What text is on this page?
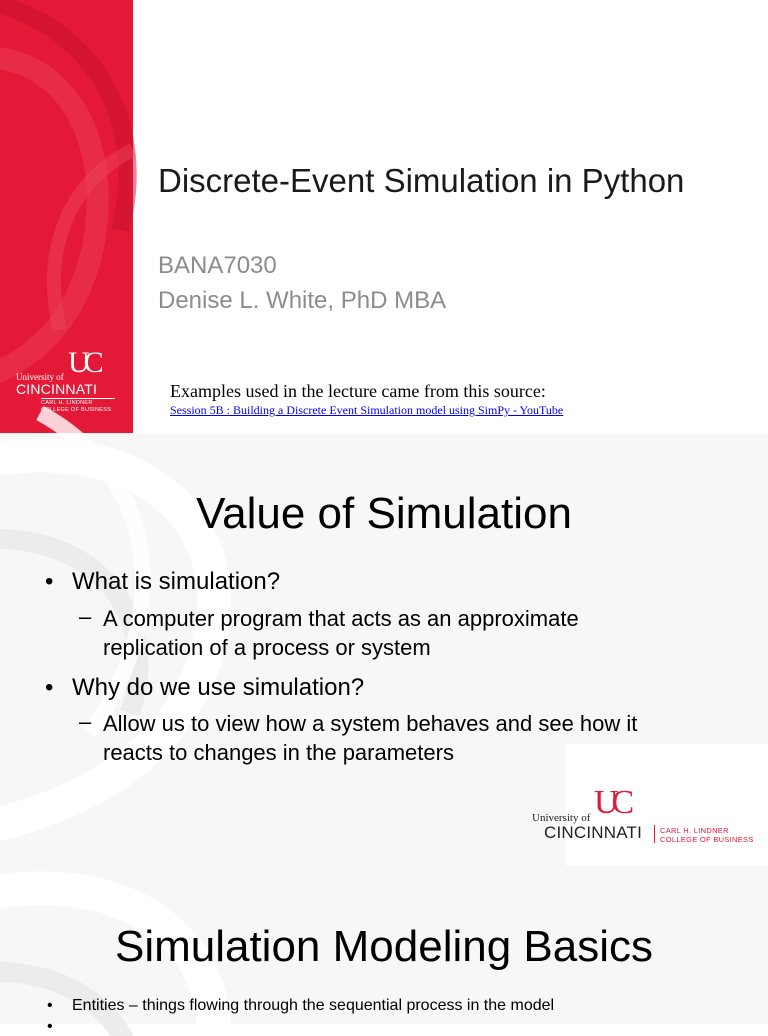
UC
University of
CINCINNATI
CARL H. LINDNER
COLLEGE OF BUSINESS
Discrete-Event Simulation in Python
BANA7030
Denise L. White, PhD MBA
Examples used in the lecture came from this source:
Session 5B : Building a Discrete Event Simulation model using SimPy - YouTube
Value of Simulation
• What is simulation?
– A computer program that acts as an approximate
replication of a process or system
• Why do we use simulation?
– Allow us to view how a system behaves and see how it
reacts to changes in the parameters
UC
University of
CINCINNATI CARL H. LINDNER
COLLEGE OF BUSINESS
Simulation Modeling Basics
• Entities – things flowing through the sequential process in the model
•
